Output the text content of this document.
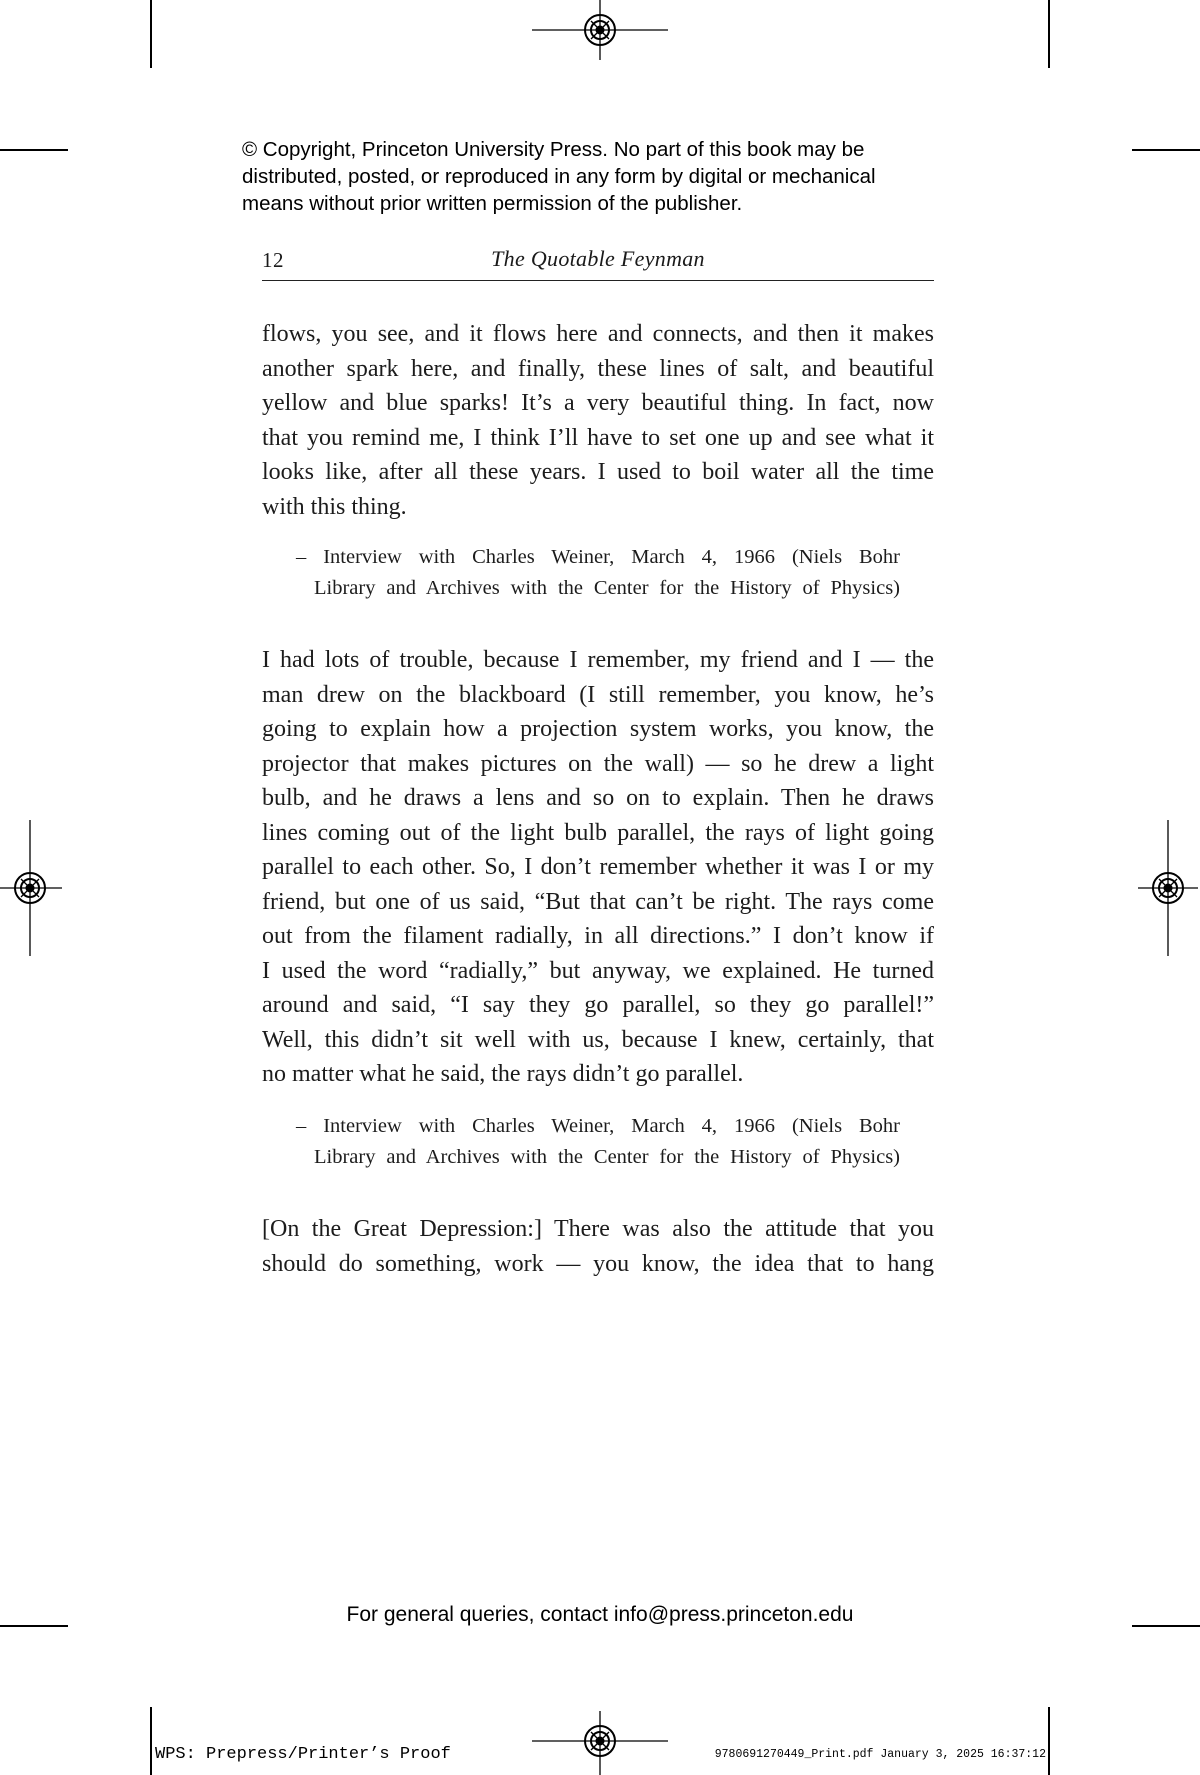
© Copyright, Princeton University Press. No part of this book may be
distributed, posted, or reproduced in any form by digital or mechanical
means without prior written permission of the publisher.
12	The Quotable Feynman
flows, you see, and it flows here and connects, and then it makes
another spark here, and finally, these lines of salt, and beautiful
yellow and blue sparks! It’s a very beautiful thing. In fact, now
that you remind me, I think I’ll have to set one up and see what it
looks like, after all these years. I used to boil water all the time
with this thing.
– Interview with Charles Weiner, March 4, 1966 (Niels Bohr
Library and Archives with the Center for the History of Physics)
I had lots of trouble, because I remember, my friend and I — the
man drew on the blackboard (I still remember, you know, he’s
going to explain how a projection system works, you know, the
projector that makes pictures on the wall) — so he drew a light
bulb, and he draws a lens and so on to explain. Then he draws
lines coming out of the light bulb parallel, the rays of light going
parallel to each other. So, I don’t remember whether it was I or my
friend, but one of us said, “But that can’t be right. The rays come
out from the filament radially, in all directions.” I don’t know if
I used the word “radially,” but anyway, we explained. He turned
around and said, “I say they go parallel, so they go parallel!”
Well, this didn’t sit well with us, because I knew, certainly, that
no matter what he said, the rays didn’t go parallel.
– Interview with Charles Weiner, March 4, 1966 (Niels Bohr
Library and Archives with the Center for the History of Physics)
[On the Great Depression:] There was also the attitude that you
should do something, work — you know, the idea that to hang
For general queries, contact info@press.princeton.edu
WPS: Prepress/Printer’s Proof	9780691270449_Print.pdf January 3, 2025 16:37:12
